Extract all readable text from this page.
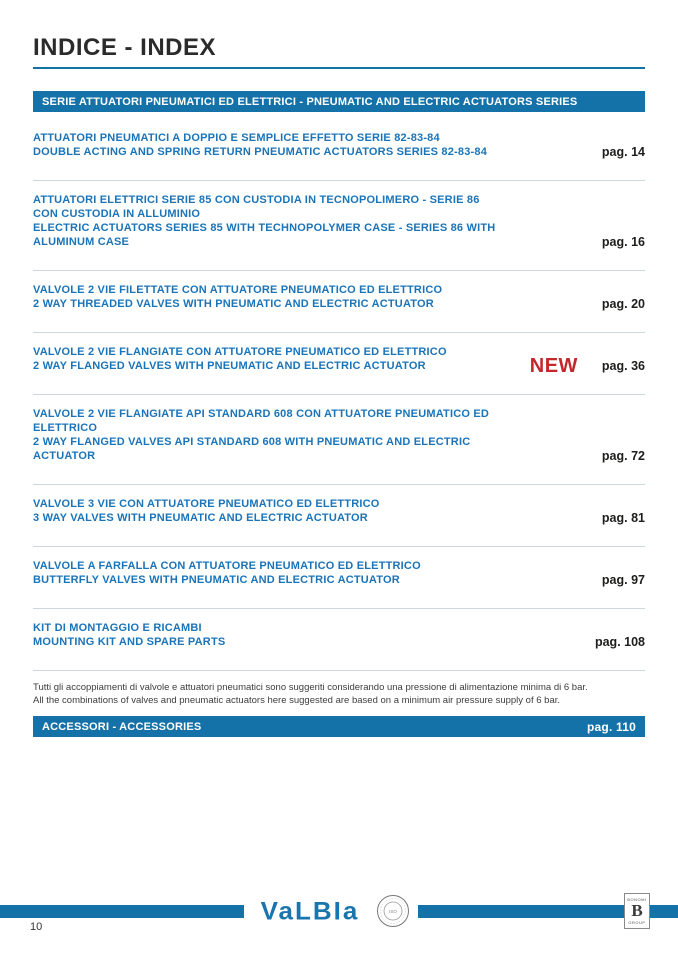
INDICE - INDEX
SERIE ATTUATORI PNEUMATICI ED ELETTRICI - PNEUMATIC AND ELECTRIC ACTUATORS SERIES
ATTUATORI PNEUMATICI A DOPPIO E SEMPLICE EFFETTO SERIE 82-83-84
DOUBLE ACTING AND SPRING RETURN PNEUMATIC ACTUATORS SERIES 82-83-84	pag. 14
ATTUATORI ELETTRICI SERIE 85 CON CUSTODIA IN TECNOPOLIMERO - SERIE 86 CON CUSTODIA IN ALLUMINIO
ELECTRIC ACTUATORS SERIES 85 WITH TECHNOPOLYMER CASE - SERIES 86 WITH ALUMINUM CASE	pag. 16
VALVOLE 2 VIE FILETTATE CON ATTUATORE PNEUMATICO ED ELETTRICO
2 WAY THREADED VALVES WITH PNEUMATIC AND ELECTRIC ACTUATOR	pag. 20
VALVOLE 2 VIE FLANGIATE CON ATTUATORE PNEUMATICO ED ELETTRICO
2 WAY FLANGED VALVES WITH PNEUMATIC AND ELECTRIC ACTUATOR	NEW pag. 36
VALVOLE 2 VIE FLANGIATE API STANDARD 608 CON ATTUATORE PNEUMATICO ED ELETTRICO
2 WAY FLANGED VALVES API STANDARD 608 WITH PNEUMATIC AND ELECTRIC ACTUATOR	pag. 72
VALVOLE 3 VIE CON ATTUATORE PNEUMATICO ED ELETTRICO
3 WAY VALVES WITH PNEUMATIC AND ELECTRIC ACTUATOR	pag. 81
VALVOLE A FARFALLA CON ATTUATORE PNEUMATICO ED ELETTRICO
BUTTERFLY VALVES WITH PNEUMATIC AND ELECTRIC ACTUATOR	pag. 97
KIT DI MONTAGGIO E RICAMBI
MOUNTING KIT AND SPARE PARTS	pag. 108
Tutti gli accoppiamenti di valvole e attuatori pneumatici sono suggeriti considerando una pressione di alimentazione minima di 6 bar.
All the combinations of valves and pneumatic actuators here suggested are based on a minimum air pressure supply of 6 bar.
ACCESSORI - ACCESSORIES	pag. 110
VaLBIa	ISO
BONOMI
B
GROUP
10
